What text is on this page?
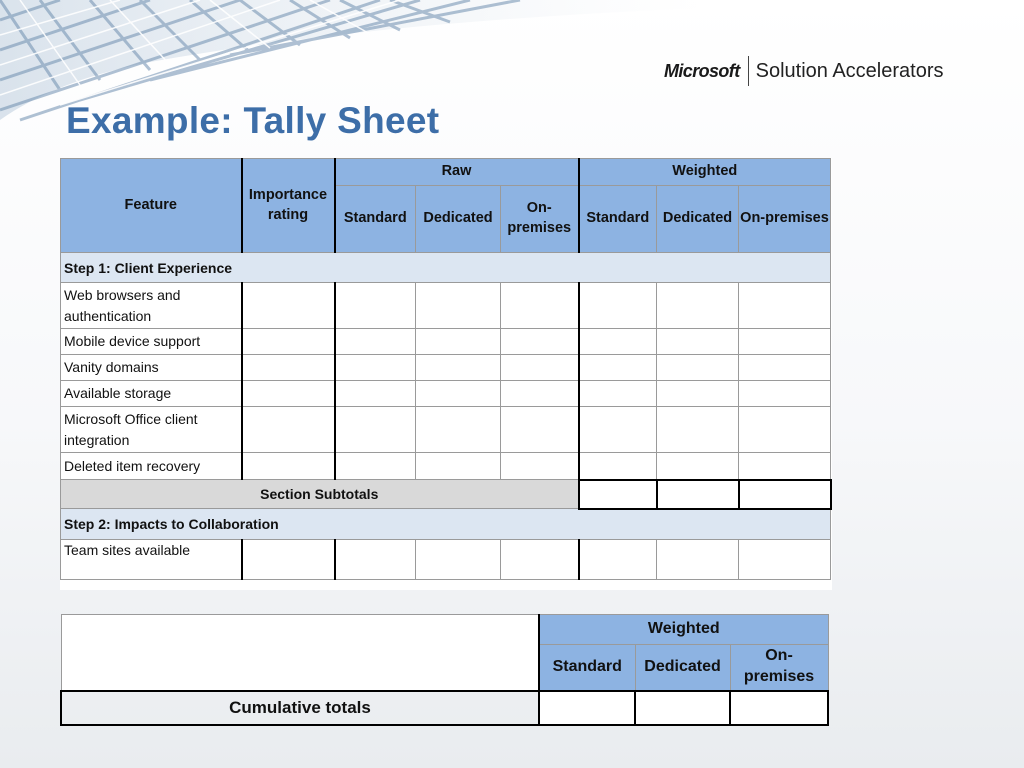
Microsoft Solution Accelerators
Example: Tally Sheet
Feature	Importance rating	Raw			Weighted		
		Standard	Dedicated	On-premises	Standard	Dedicated	On-premises
Step 1: Client Experience							
Web browsers and authentication							
Mobile device support							
Vanity domains							
Available storage							
Microsoft Office client integration							
Deleted item recovery							
Section Subtotals							
Step 2: Impacts to Collaboration							
Team sites available							

	Weighted		
	Standard	Dedicated	On-premises
Cumulative totals			
